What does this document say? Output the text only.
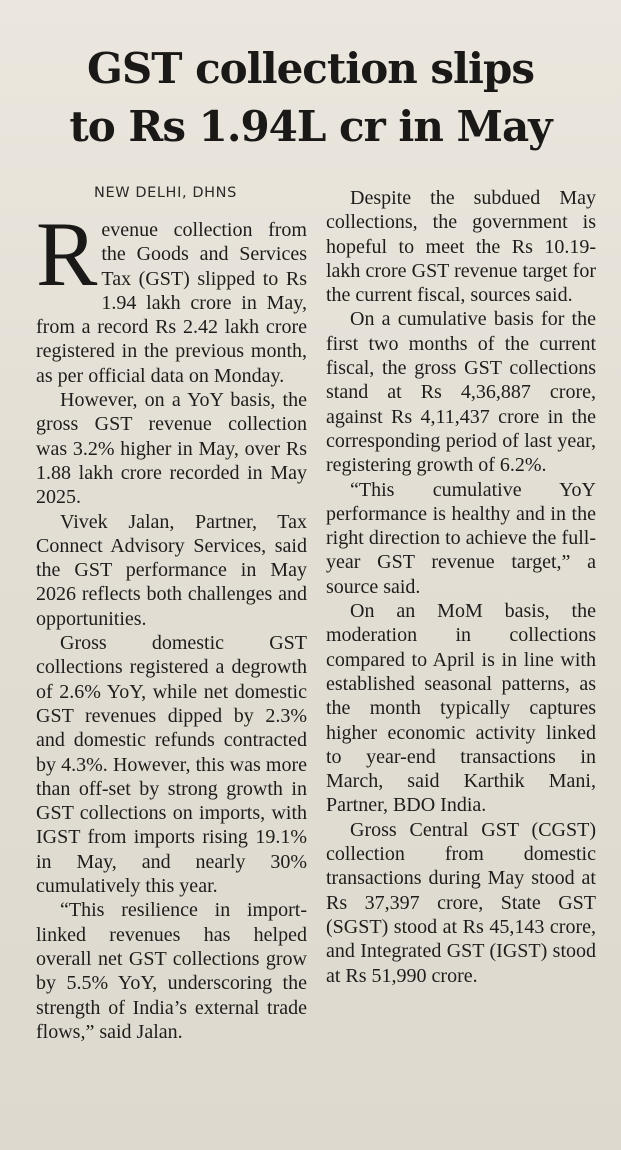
GST collection slips
to Rs 1.94L cr in May
NEW DELHI, DHNS

Revenue collection from the Goods and Services Tax (GST) slipped to Rs 1.94 lakh crore in May, from a record Rs 2.42 lakh crore registered in the previous month, as per official data on Monday.

However, on a YoY basis, the gross GST revenue collection was 3.2% higher in May, over Rs 1.88 lakh crore recorded in May 2025.

Vivek Jalan, Partner, Tax Connect Advisory Services, said the GST performance in May 2026 reflects both challenges and opportunities.

Gross domestic GST collections registered a degrowth of 2.6% YoY, while net domestic GST revenues dipped by 2.3% and domestic refunds contracted by 4.3%. However, this was more than off-set by strong growth in GST collections on imports, with IGST from imports rising 19.1% in May, and nearly 30% cumulatively this year.

“This resilience in import-linked revenues has helped overall net GST collections grow by 5.5% YoY, underscoring the strength of India’s external trade flows,” said Jalan.

Despite the subdued May collections, the government is hopeful to meet the Rs 10.19-lakh crore GST revenue target for the current fiscal, sources said.

On a cumulative basis for the first two months of the current fiscal, the gross GST collections stand at Rs 4,36,887 crore, against Rs 4,11,437 crore in the corresponding period of last year, registering growth of 6.2%.

“This cumulative YoY performance is healthy and in the right direction to achieve the full-year GST revenue target,” a source said.

On an MoM basis, the moderation in collections compared to April is in line with established seasonal patterns, as the month typically captures higher economic activity linked to year-end transactions in March, said Karthik Mani, Partner, BDO India.

Gross Central GST (CGST) collection from domestic transactions during May stood at Rs 37,397 crore, State GST (SGST) stood at Rs 45,143 crore, and Integrated GST (IGST) stood at Rs 51,990 crore.
